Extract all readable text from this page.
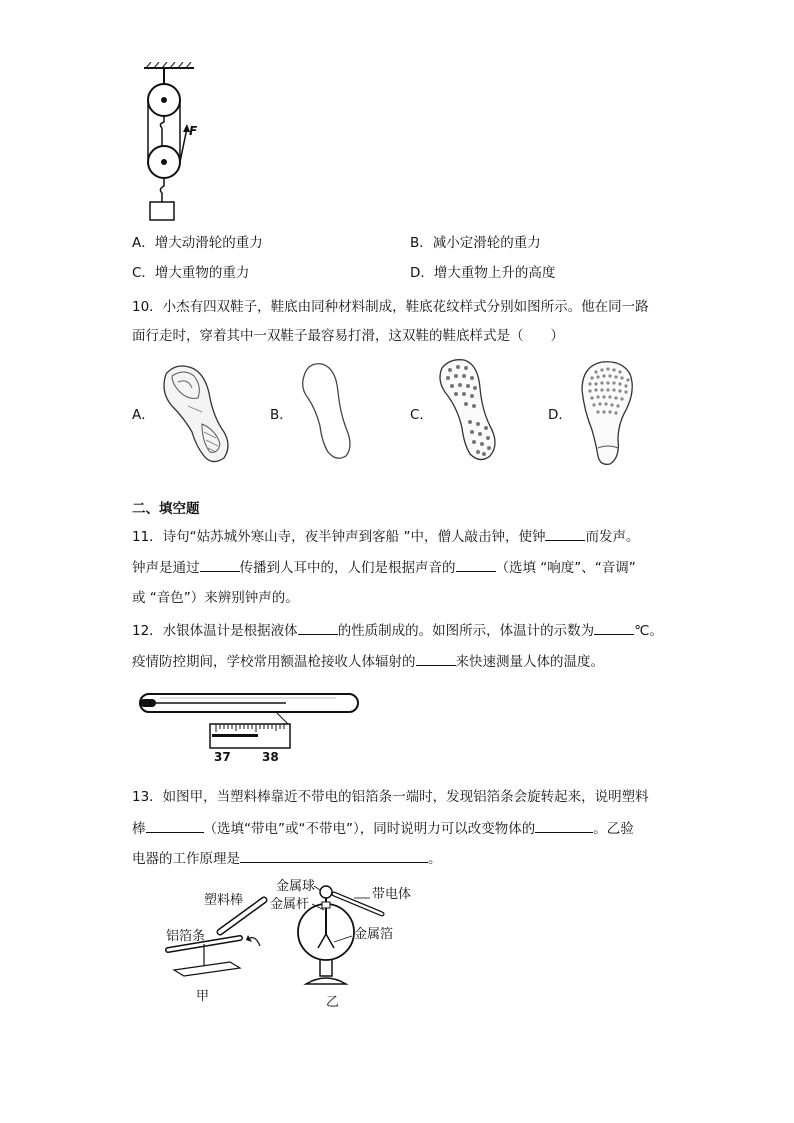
F
A．增大动滑轮的重力	B．减小定滑轮的重力
C．增大重物的重力	D．增大重物上升的高度
10．小杰有四双鞋子，鞋底由同种材料制成，鞋底花纹样式分别如图所示。他在同一路
面行走时，穿着其中一双鞋子最容易打滑，这双鞋的鞋底样式是（　　）
A．	B．	C．	D．
二、填空题
11．诗句“姑苏城外寒山寺，夜半钟声到客船 ”中，僧人敲击钟，使钟	而发声。
钟声是通过	传播到人耳中的，人们是根据声音的	（选填 “响度”、“音调”
或 “音色”）来辨别钟声的。
12．水银体温计是根据液体	的性质制成的。如图所示，体温计的示数为	℃。
疫情防控期间，学校常用额温枪接收人体辐射的	来快速测量人体的温度。
37	38
13．如图甲，当塑料棒靠近不带电的铝箔条一端时，发现铝箔条会旋转起来，说明塑料
棒	（选填“带电”或“不带电”），同时说明力可以改变物体的	。乙验
电器的工作原理是	。
塑料棒
铝箔条
甲
金属球
金属杆
带电体
金属箔
乙
